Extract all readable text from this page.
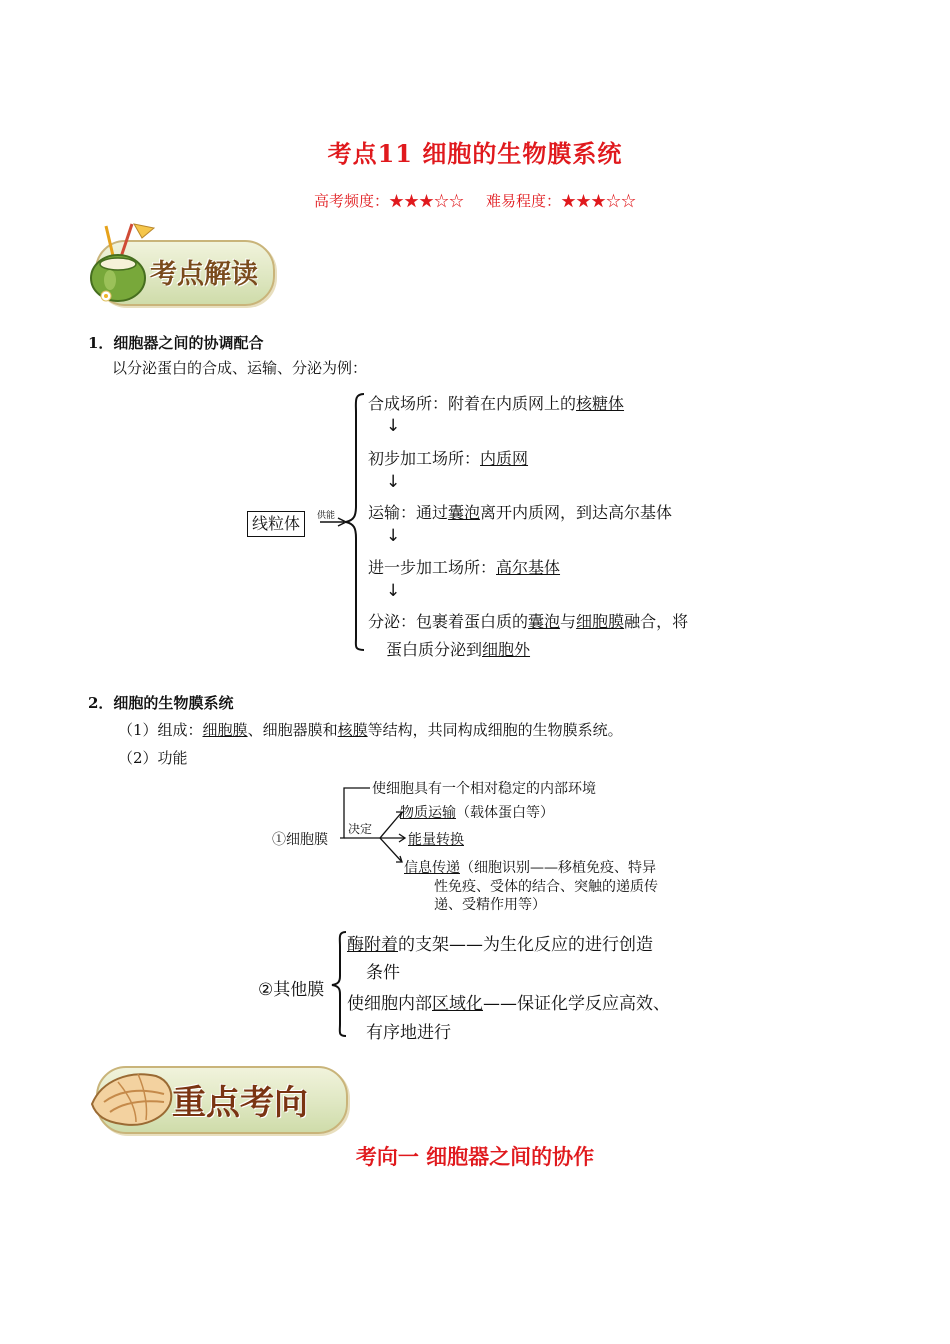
考点11 细胞的生物膜系统
高考频度：★★★☆☆ 难易程度：★★★☆☆
考点解读
1．细胞器之间的协调配合
以分泌蛋白的合成、运输、分泌为例：
线粒体	供能
合成场所：附着在内质网上的核糖体
↓
初步加工场所：内质网
↓
运输：通过囊泡离开内质网，到达高尔基体
↓
进一步加工场所：高尔基体
↓
分泌：包裹着蛋白质的囊泡与细胞膜融合，将
蛋白质分泌到细胞外
2．细胞的生物膜系统
（1）组成：细胞膜、细胞器膜和核膜等结构，共同构成细胞的生物膜系统。
（2）功能
①细胞膜
决定
使细胞具有一个相对稳定的内部环境
物质运输（载体蛋白等）
能量转换
信息传递（细胞识别——移植免疫、特异
性免疫、受体的结合、突触的递质传
递、受精作用等）
②其他膜
酶附着的支架——为生化反应的进行创造
条件
使细胞内部区域化——保证化学反应高效、
有序地进行
重点考向
考向一 细胞器之间的协作
